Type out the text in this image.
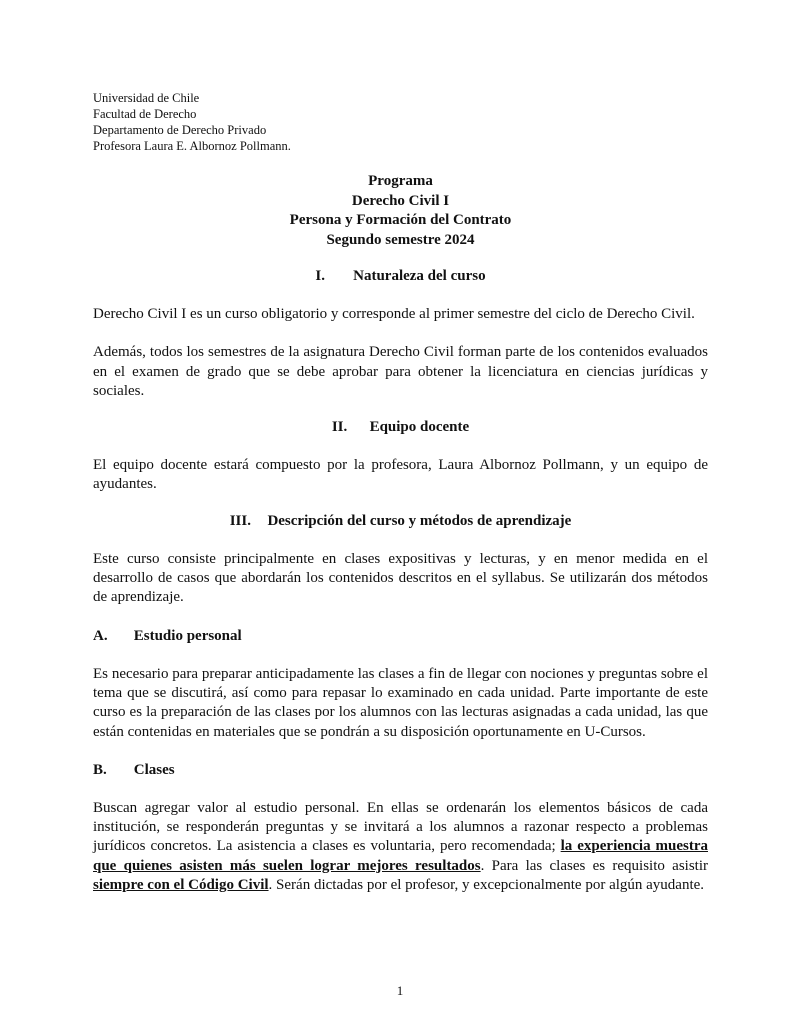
Universidad de Chile

Facultad de Derecho

Departamento de Derecho Privado

Profesora Laura E. Albornoz Pollmann.

Programa
Derecho Civil I
Persona y Formación del Contrato
Segundo semestre 2024
I. Naturaleza del curso

Derecho Civil I es un curso obligatorio y corresponde al primer semestre del ciclo de Derecho Civil.

Además, todos los semestres de la asignatura Derecho Civil forman parte de los contenidos evaluados en el examen de grado que se debe aprobar para obtener la licenciatura en ciencias jurídicas y sociales.

II. Equipo docente

El equipo docente estará compuesto por la profesora, Laura Albornoz Pollmann, y un equipo de ayudantes.

III. Descripción del curso y métodos de aprendizaje

Este curso consiste principalmente en clases expositivas y lecturas, y en menor medida en el desarrollo de casos que abordarán los contenidos descritos en el syllabus. Se utilizarán dos métodos de aprendizaje.

A. Estudio personal

Es necesario para preparar anticipadamente las clases a fin de llegar con nociones y preguntas sobre el tema que se discutirá, así como para repasar lo examinado en cada unidad. Parte importante de este curso es la preparación de las clases por los alumnos con las lecturas asignadas a cada unidad, las que están contenidas en materiales que se pondrán a su disposición oportunamente en U-Cursos.

B. Clases

Buscan agregar valor al estudio personal. En ellas se ordenarán los elementos básicos de cada institución, se responderán preguntas y se invitará a los alumnos a razonar respecto a problemas jurídicos concretos. La asistencia a clases es voluntaria, pero recomendada; la experiencia muestra que quienes asisten más suelen lograr mejores resultados. Para las clases es requisito asistir siempre con el Código Civil. Serán dictadas por el profesor, y excepcionalmente por algún ayudante.

1
